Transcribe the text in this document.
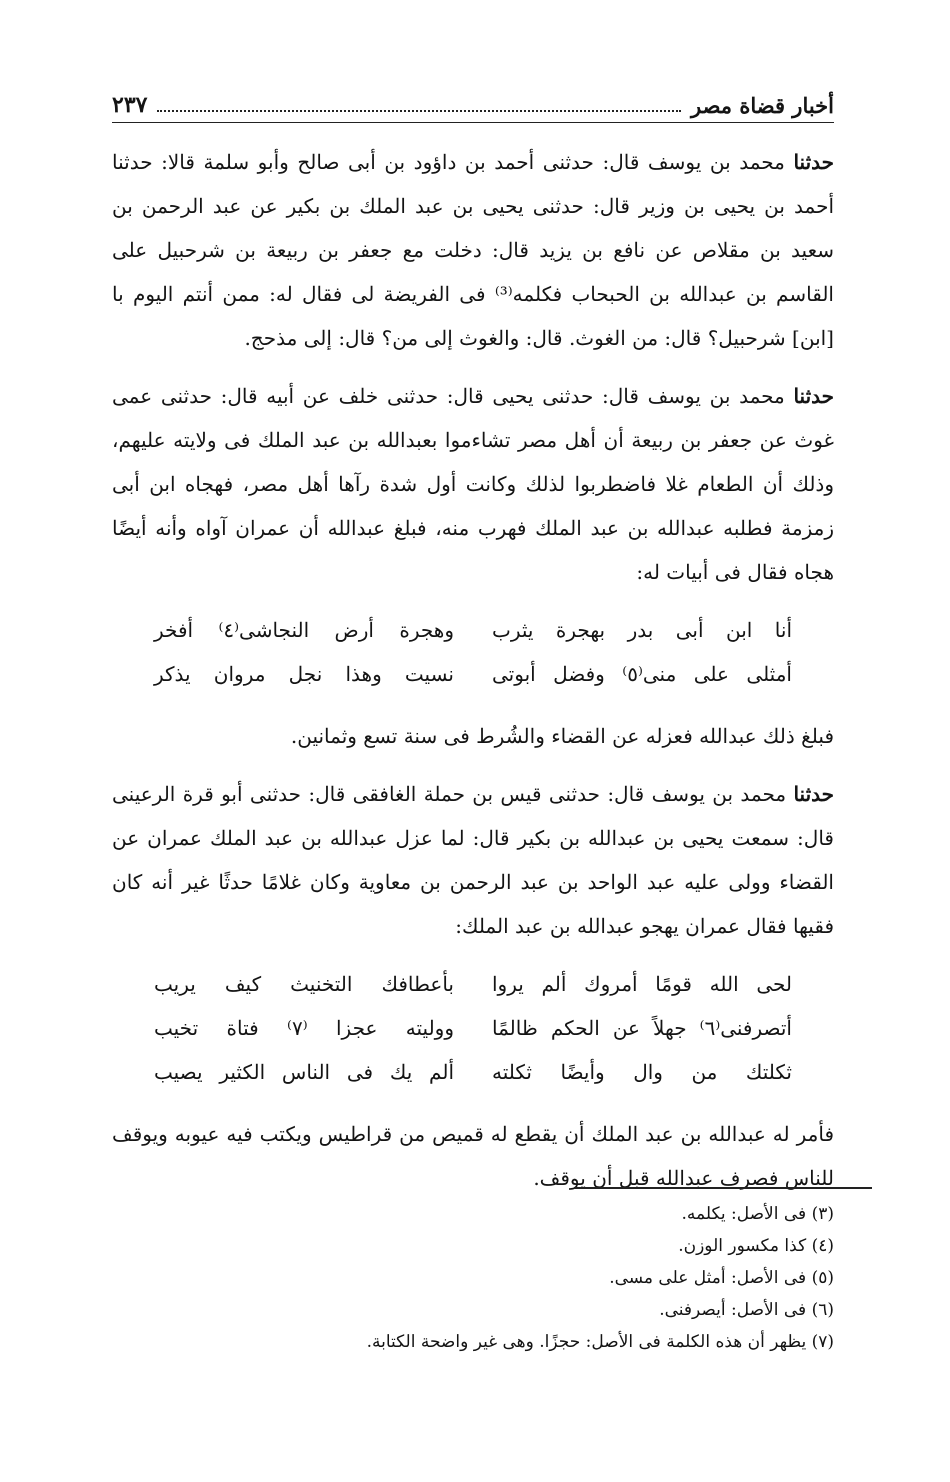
أخبار قضاة مصر
٢٣٧

حدثنا محمد بن يوسف قال: حدثنى أحمد بن داؤود بن أبى صالح وأبو سلمة قالا: حدثنا أحمد بن يحيى بن وزير قال: حدثنى يحيى بن عبد الملك بن بكير عن عبد الرحمن بن سعيد بن مقلاص عن نافع بن يزيد قال: دخلت مع جعفر بن ربيعة بن شرحبيل على القاسم بن عبدالله بن الحبحاب فكلمه⁽³⁾ فى الفريضة لى فقال له: ممن أنتم اليوم با [ابن] شرحبيل؟ قال: من الغوث. قال: والغوث إلى من؟ قال: إلى مذحج.

حدثنا محمد بن يوسف قال: حدثنى يحيى قال: حدثنى خلف عن أبيه قال: حدثنى عمى غوث عن جعفر بن ربيعة أن أهل مصر تشاءموا بعبدالله بن عبد الملك فى ولايته عليهم، وذلك أن الطعام غلا فاضطربوا لذلك وكانت أول شدة رآها أهل مصر، فهجاه ابن أبى زمزمة فطلبه عبدالله بن عبد الملك فهرب منه، فبلغ عبدالله أن عمران آواه وأنه أيضًا هجاه فقال فى أبيات له:

أنا ابن أبى بدر بهجرة يثرب
وهجرة أرض النجاشى⁽٤⁾ أفخر
أمثلى على منى⁽٥⁾ وفضل أبوتى
نسيت وهذا نجل مروان يذكر

فبلغ ذلك عبدالله فعزله عن القضاء والشُرط فى سنة تسع وثمانين.

حدثنا محمد بن يوسف قال: حدثنى قيس بن حملة الغافقى قال: حدثنى أبو قرة الرعينى قال: سمعت يحيى بن عبدالله بن بكير قال: لما عزل عبدالله بن عبد الملك عمران عن القضاء وولى عليه عبد الواحد بن عبد الرحمن بن معاوية وكان غلامًا حدثًا غير أنه كان فقيها فقال عمران يهجو عبدالله بن عبد الملك:

لحى الله قومًا أمروك ألم يروا
بأعطافك التخنيث كيف يريب
أتصرفنى⁽٦⁾ جهلاً عن الحكم ظالمًا
ووليته عجزا ⁽٧⁾ فتاة تخيب
ثكلتك من وال وأيضًا ثكلته
ألم يك فى الناس الكثير يصيب

فأمر له عبدالله بن عبد الملك أن يقطع له قميص من قراطيس ويكتب فيه عيوبه ويوقف للناس فصرف عبدالله قبل أن يوقف.

(٣) فى الأصل: يكلمه.

(٤) كذا مكسور الوزن.

(٥) فى الأصل: أمثل على مسى.

(٦) فى الأصل: أيصرفنى.

(٧) يظهر أن هذه الكلمة فى الأصل: حجزًا. وهى غير واضحة الكتابة.
